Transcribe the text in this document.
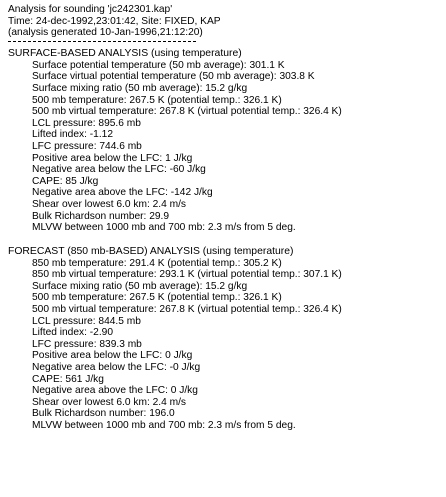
Analysis for sounding 'jc242301.kap'
Time: 24-dec-1992,23:01:42, Site: FIXED, KAP
(analysis generated 10-Jan-1996,21:12:20)
SURFACE-BASED ANALYSIS (using temperature)
Surface potential temperature (50 mb average): 301.1 K
Surface virtual potential temperature (50 mb average): 303.8 K
Surface mixing ratio (50 mb average): 15.2 g/kg
500 mb temperature: 267.5 K (potential temp.: 326.1 K)
500 mb virtual temperature: 267.8 K (virtual potential temp.: 326.4 K)
LCL pressure: 895.6 mb
Lifted index: -1.12
LFC pressure: 744.6 mb
Positive area below the LFC: 1 J/kg
Negative area below the LFC: -60 J/kg
CAPE: 85 J/kg
Negative area above the LFC: -142 J/kg
Shear over lowest 6.0 km: 2.4 m/s
Bulk Richardson number: 29.9
MLVW between 1000 mb and 700 mb: 2.3 m/s from 5 deg.
FORECAST (850 mb-BASED) ANALYSIS (using temperature)
850 mb temperature: 291.4 K (potential temp.: 305.2 K)
850 mb virtual temperature: 293.1 K (virtual potential temp.: 307.1 K)
Surface mixing ratio (50 mb average): 15.2 g/kg
500 mb temperature: 267.5 K (potential temp.: 326.1 K)
500 mb virtual temperature: 267.8 K (virtual potential temp.: 326.4 K)
LCL pressure: 844.5 mb
Lifted index: -2.90
LFC pressure: 839.3 mb
Positive area below the LFC: 0 J/kg
Negative area below the LFC: -0 J/kg
CAPE: 561 J/kg
Negative area above the LFC: 0 J/kg
Shear over lowest 6.0 km: 2.4 m/s
Bulk Richardson number: 196.0
MLVW between 1000 mb and 700 mb: 2.3 m/s from 5 deg.
